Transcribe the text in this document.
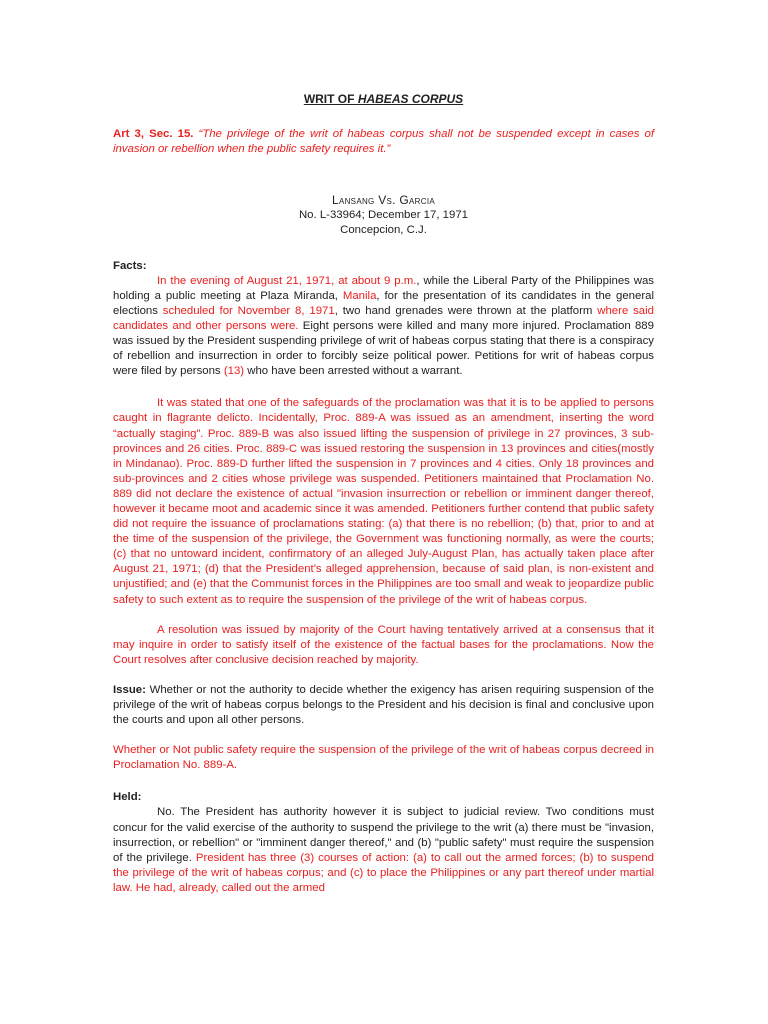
WRIT OF HABEAS CORPUS
Art 3, Sec. 15. “The privilege of the writ of habeas corpus shall not be suspended except in cases of invasion or rebellion when the public safety requires it.”
Lansang Vs. Garcia
No. L-33964; December 17, 1971
Concepcion, C.J.
Facts:

In the evening of August 21, 1971, at about 9 p.m., while the Liberal Party of the Philippines was holding a public meeting at Plaza Miranda, Manila, for the presentation of its candidates in the general elections scheduled for November 8, 1971, two hand grenades were thrown at the platform where said candidates and other persons were. Eight persons were killed and many more injured. Proclamation 889 was issued by the President suspending privilege of writ of habeas corpus stating that there is a conspiracy of rebellion and insurrection in order to forcibly seize political power. Petitions for writ of habeas corpus were filed by persons (13) who have been arrested without a warrant.

It was stated that one of the safeguards of the proclamation was that it is to be applied to persons caught in flagrante delicto. Incidentally, Proc. 889-A was issued as an amendment, inserting the word “actually staging”. Proc. 889-B was also issued lifting the suspension of privilege in 27 provinces, 3 sub-provinces and 26 cities. Proc. 889-C was issued restoring the suspension in 13 provinces and cities(mostly in Mindanao). Proc. 889-D further lifted the suspension in 7 provinces and 4 cities. Only 18 provinces and sub-provinces and 2 cities whose privilege was suspended. Petitioners maintained that Proclamation No. 889 did not declare the existence of actual "invasion insurrection or rebellion or imminent danger thereof, however it became moot and academic since it was amended. Petitioners further contend that public safety did not require the issuance of proclamations stating: (a) that there is no rebellion; (b) that, prior to and at the time of the suspension of the privilege, the Government was functioning normally, as were the courts; (c) that no untoward incident, confirmatory of an alleged July-August Plan, has actually taken place after August 21, 1971; (d) that the President's alleged apprehension, because of said plan, is non-existent and unjustified; and (e) that the Communist forces in the Philippines are too small and weak to jeopardize public safety to such extent as to require the suspension of the privilege of the writ of habeas corpus.

A resolution was issued by majority of the Court having tentatively arrived at a consensus that it may inquire in order to satisfy itself of the existence of the factual bases for the proclamations. Now the Court resolves after conclusive decision reached by majority.

Issue: Whether or not the authority to decide whether the exigency has arisen requiring suspension of the privilege of the writ of habeas corpus belongs to the President and his decision is final and conclusive upon the courts and upon all other persons.

Whether or Not public safety require the suspension of the privilege of the writ of habeas corpus decreed in Proclamation No. 889-A.

Held:

No. The President has authority however it is subject to judicial review. Two conditions must concur for the valid exercise of the authority to suspend the privilege to the writ (a) there must be "invasion, insurrection, or rebellion" or "imminent danger thereof," and (b) "public safety" must require the suspension of the privilege. President has three (3) courses of action: (a) to call out the armed forces; (b) to suspend the privilege of the writ of habeas corpus; and (c) to place the Philippines or any part thereof under martial law. He had, already, called out the armed
